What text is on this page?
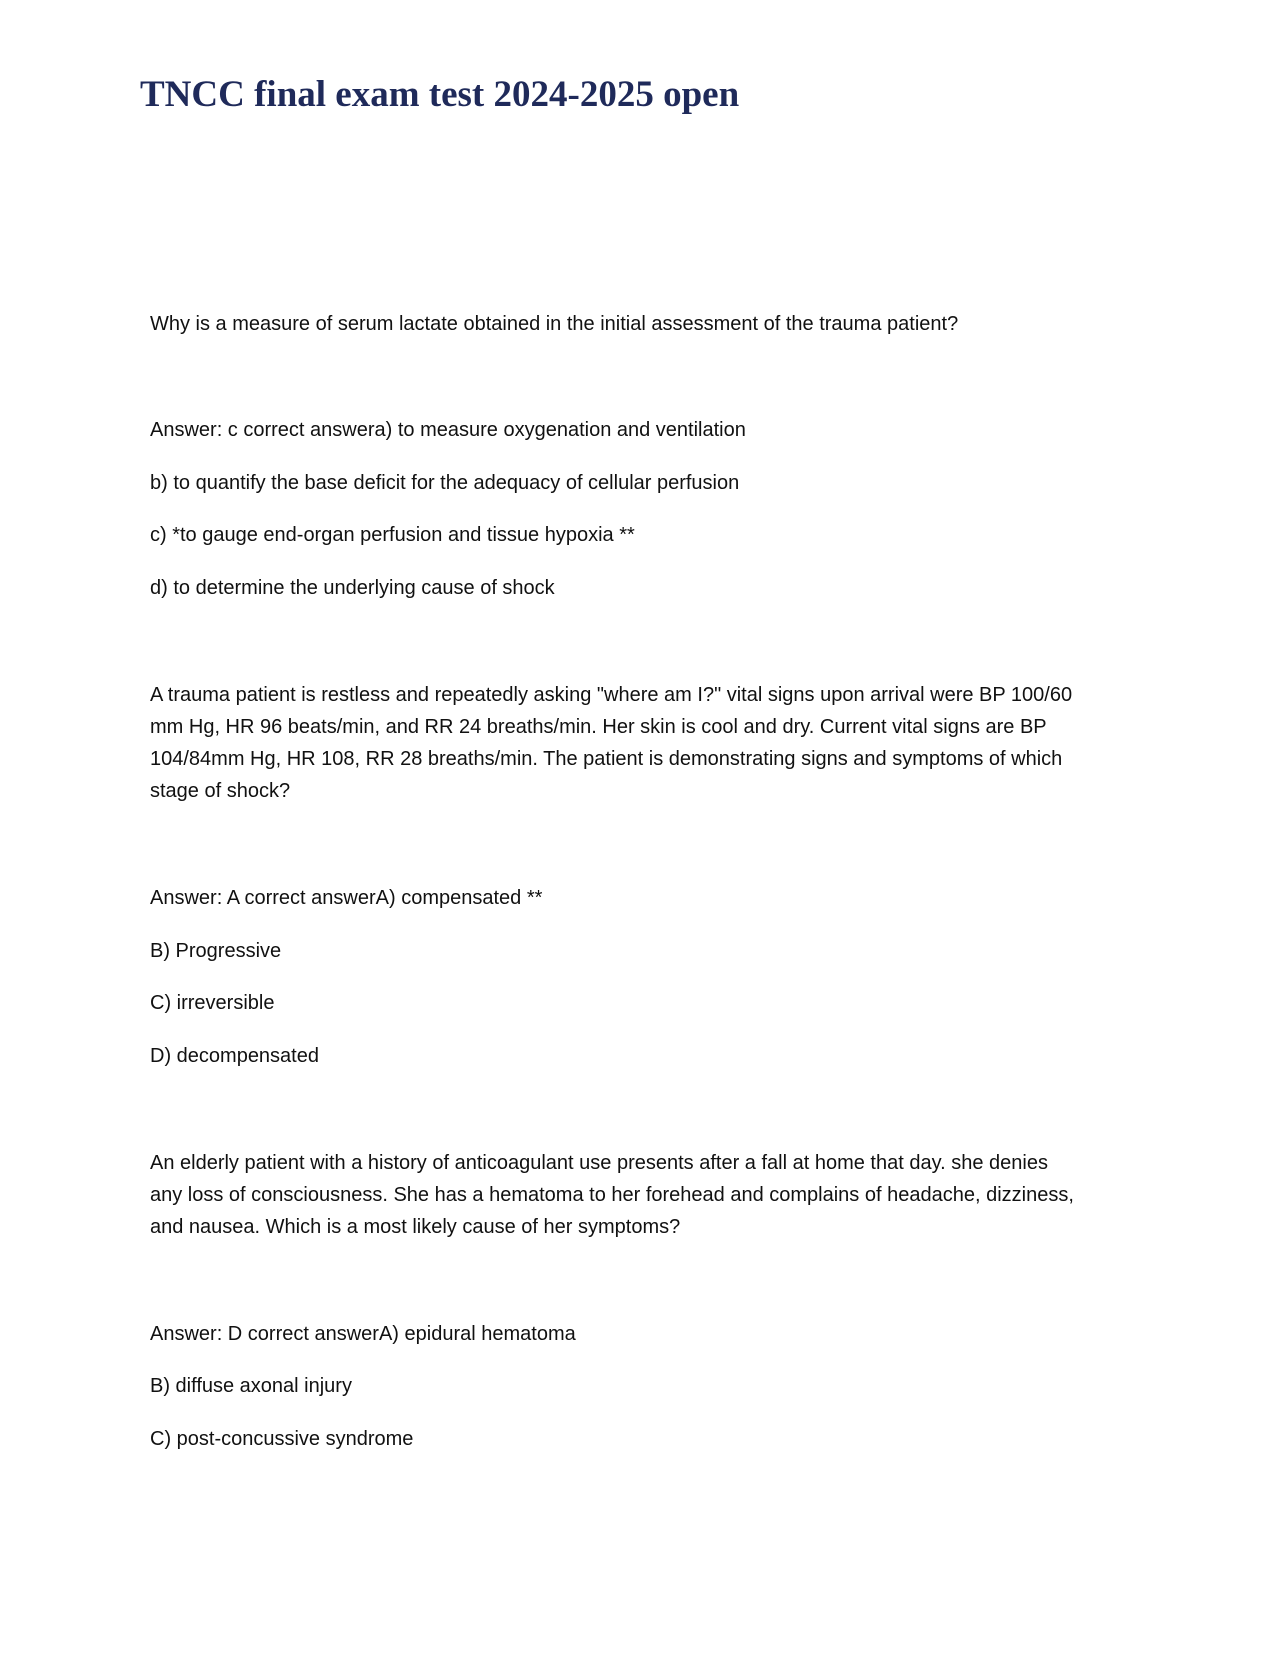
TNCC final exam test 2024-2025 open

Why is a measure of serum lactate obtained in the initial assessment of the trauma patient?

Answer: c correct answera) to measure oxygenation and ventilation

b) to quantify the base deficit for the adequacy of cellular perfusion

c) *to gauge end-organ perfusion and tissue hypoxia **

d) to determine the underlying cause of shock

A trauma patient is restless and repeatedly asking "where am I?" vital signs upon arrival were BP 100/60
mm Hg, HR 96 beats/min, and RR 24 breaths/min. Her skin is cool and dry. Current vital signs are BP
104/84mm Hg, HR 108, RR 28 breaths/min. The patient is demonstrating signs and symptoms of which
stage of shock?

Answer: A correct answerA) compensated **

B) Progressive

C) irreversible

D) decompensated

An elderly patient with a history of anticoagulant use presents after a fall at home that day. she denies
any loss of consciousness. She has a hematoma to her forehead and complains of headache, dizziness,
and nausea. Which is a most likely cause of her symptoms?

Answer: D correct answerA) epidural hematoma

B) diffuse axonal injury

C) post-concussive syndrome
